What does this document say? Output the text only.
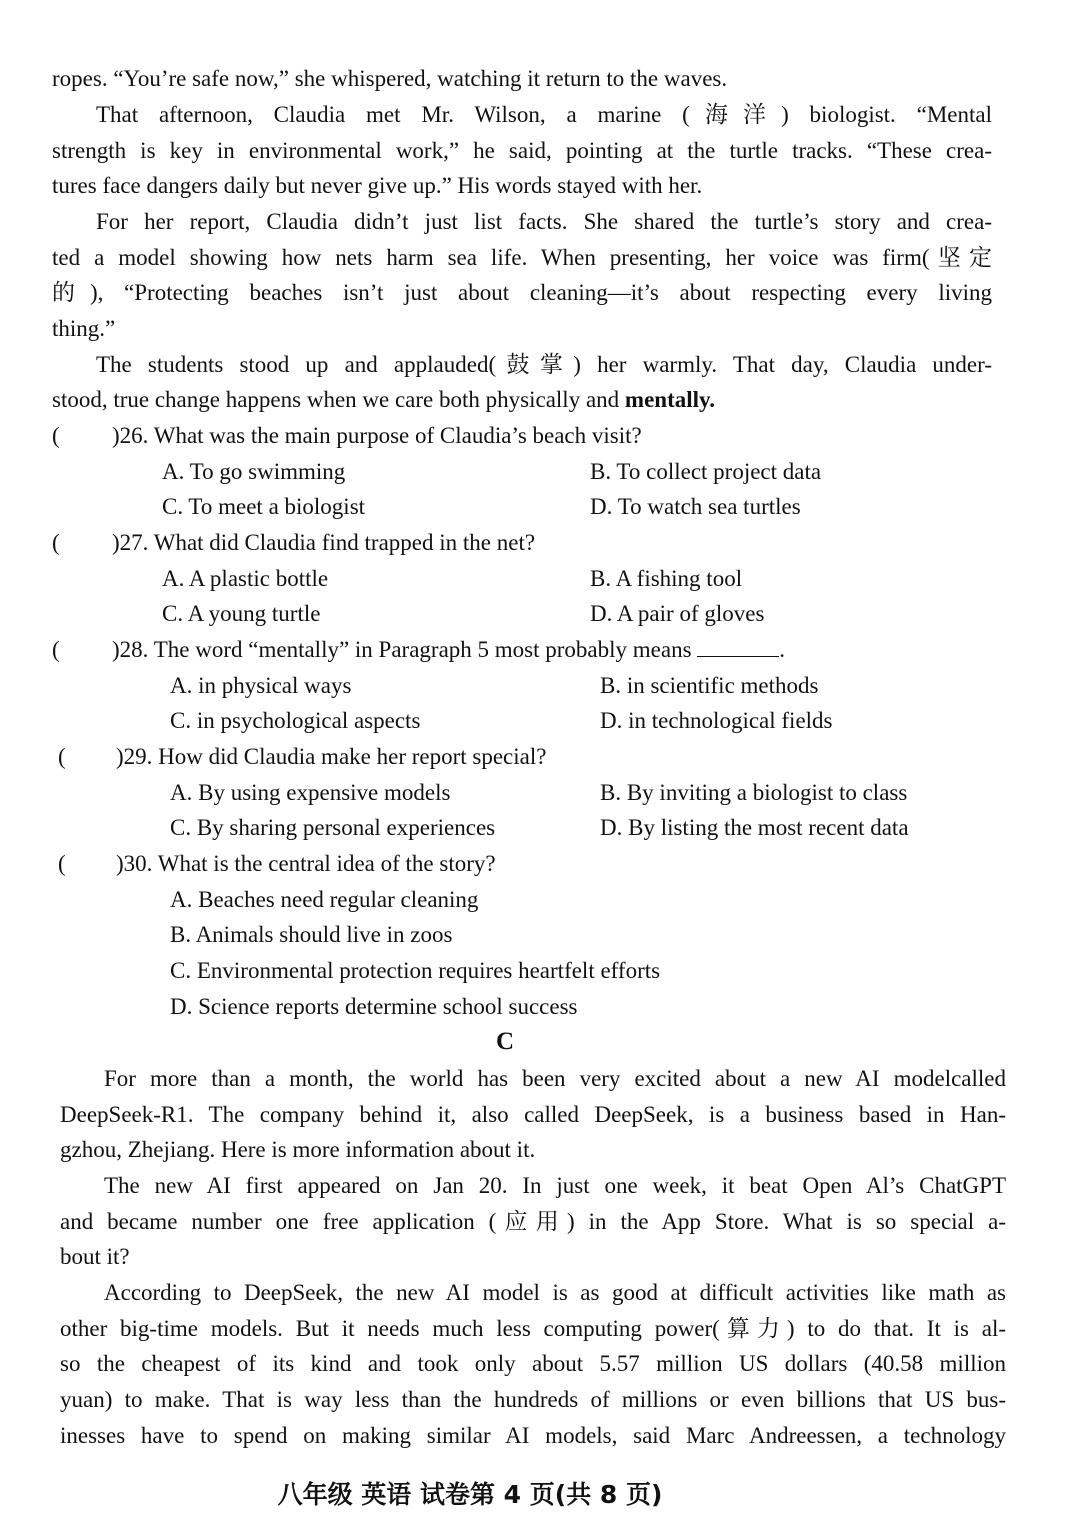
ropes. “You’re safe now,” she whispered, watching it return to the waves.
That afternoon, Claudia met Mr. Wilson, a marine (海洋) biologist. “Mental
strength is key in environmental work,” he said, pointing at the turtle tracks. “These crea-
tures face dangers daily but never give up.” His words stayed with her.
For her report, Claudia didn’t just list facts. She shared the turtle’s story and crea-
ted a model showing how nets harm sea life. When presenting, her voice was firm(坚定
的), “Protecting beaches isn’t just about cleaning—it’s about respecting every living
thing.”
The students stood up and applauded(鼓掌) her warmly. That day, Claudia under-
stood, true change happens when we care both physically and mentally.
( )26. What was the main purpose of Claudia’s beach visit?
A. To go swimming	B. To collect project data
C. To meet a biologist	D. To watch sea turtles
( )27. What did Claudia find trapped in the net?
A. A plastic bottle	B. A fishing tool
C. A young turtle	D. A pair of gloves
( )28. The word “mentally” in Paragraph 5 most probably means	.
A. in physical ways	B. in scientific methods
C. in psychological aspects	D. in technological fields
( )29. How did Claudia make her report special?
A. By using expensive models	B. By inviting a biologist to class
C. By sharing personal experiences	D. By listing the most recent data
( )30. What is the central idea of the story?
A. Beaches need regular cleaning
B. Animals should live in zoos
C. Environmental protection requires heartfelt efforts
D. Science reports determine school success
C
For more than a month, the world has been very excited about a new AI modelcalled
DeepSeek-R1. The company behind it, also called DeepSeek, is a business based in Han-
gzhou, Zhejiang. Here is more information about it.
The new AI first appeared on Jan 20. In just one week, it beat Open Al’s ChatGPT
and became number one free application (应用) in the App Store. What is so special a-
bout it?
According to DeepSeek, the new AI model is as good at difficult activities like math as
other big-time models. But it needs much less computing power(算力) to do that. It is al-
so the cheapest of its kind and took only about 5.57 million US dollars (40.58 million
yuan) to make. That is way less than the hundreds of millions or even billions that US bus-
inesses have to spend on making similar AI models, said Marc Andreessen, a technology
八年级 英语 试卷第 4 页(共 8 页)
